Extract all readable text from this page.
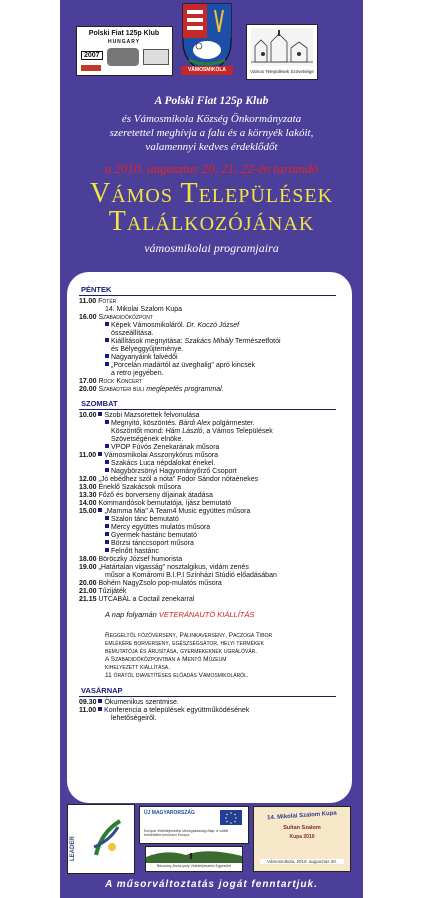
Polski Fiat 125p Klub
HUNGARY
2007
VÁMOSMIKOLA	Vámos Települések Szövetsége
A Polski Fiat 125p Klub
és Vámosmikola Község Önkormányzata
szeretettel meghívja a falu és a környék lakóit,
valamennyi kedves érdeklődőt
a 2010. augusztus 20, 21, 22-én tartandó
Vámos Települések
Találkozójának
vámosmikolai programjaira
PÉNTEK
11.00 Fötér
14. Mikolai Szalom Kupa
16.00 Szabadidőközpont
Képek Vámosmikoláról. Dr. Koczó József
összeállítása.
Kiállítások megnyitása: Szakács Mihály Természetfotói
és Bélyeggyűjteménye.
Nagyanyáink falvédői
„Porcelán madártól az üveghalig" apró kincsek
a retro jegyében.
17.00 Rock Koncert
20.00 Szabadtéri buli meglepetés programmal.
SZOMBAT
10.00 Szobi Mazsorettek felvonulása
Megnyitó, köszöntés. Bárdi Alex polgármester.
Köszöntőt mond: Hám László, a Vámos Települések
Szövetségének elnöke.
VPOP Fúvós Zenekarának műsora
11.00 Vámosmikolai Asszonykórus műsora
Szakács Luca népdalokat énekel.
Nagybörzsönyi Hagyományőrző Csoport
12.00 „Jó ebédhez szól a nóta" Fodor Sándor nótaénekes
13.00 Éneklő Szakácsok műsora
13.30 Főző és borverseny díjainak átadása
14.00 Kommandósok bemutatója, íjász bemutató
15.00 „Mamma Mia" A Team4 Music együttes műsora
Szalon tánc bemutató
Mercy együttes mulatós műsora
Gyermek hastánc bemutató
Börzsi tánccsoport műsora
Felnőtt hastánc
18.00 Böröczky József humorista
19.00 „Határtalan vigasság" nosztalgikus, vidám zenés
műsor a Komáromi B.I.P.I Színházi Stúdió előadásában
20.00 Bohém NagyZsolo pop-mulatós műsora
21.00 Tűzijáték
21.15 UTCABÁL a Coctail zenekarral
A nap folyamán VETERÁNAUTÓ KIÁLLÍTÁS
Reggeltől főzőverseny, Pálinkaverseny, Paczoga Tibor
emlékére borverseny, egészségsátor, helyi termékek
bemutatója és árusítása, gyermekeknek ugrálóvár.
A Szabadidőközpontban a Mentő Múzeum
kihelyezett kiállítása.
11 órától diavetítéses előadás Vámosmikoláról.
VASÁRNAP
09.30 Ökumenikus szentmise.
11.00 Konferencia a települések együttműködésének
lehetőségeiről.
LEADER
ÚJ MAGYARORSZÁG
Európai Vidékfejlesztési Mezőgazdasági Alap: a vidéki területekbe beruházó Európa
Börzsöny-Duna-Ipoly Vidékfejlesztési Egyesület
14. Mikolai Szalom Kupa
Sultan Szalom
Kupa 2010
Vámosmikola, 2010. augusztus 20.
A műsorváltoztatás jogát fenntartjuk.
